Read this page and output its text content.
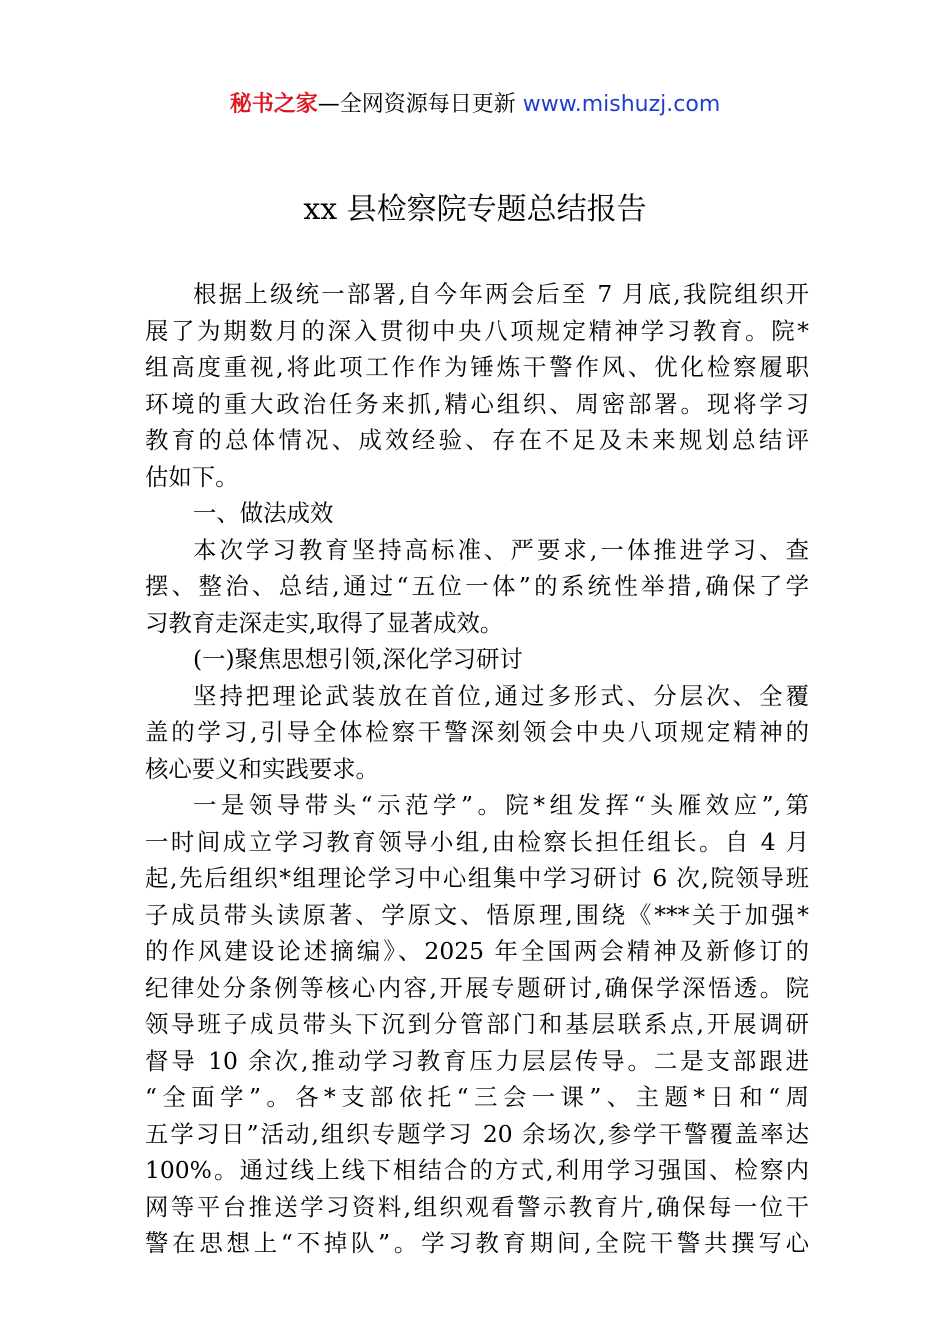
秘书之家—全网资源每日更新 www.mishuzj.com
xx 县检察院专题总结报告
根据上级统一部署,自今年两会后至 7 月底,我院组织开
展了为期数月的深入贯彻中央八项规定精神学习教育。院*
组高度重视,将此项工作作为锤炼干警作风、优化检察履职
环境的重大政治任务来抓,精心组织、周密部署。现将学习
教育的总体情况、成效经验、存在不足及未来规划总结评
估如下。
一、做法成效
本次学习教育坚持高标准、严要求,一体推进学习、查
摆、整治、总结,通过“五位一体”的系统性举措,确保了学
习教育走深走实,取得了显著成效。
(一)聚焦思想引领,深化学习研讨
坚持把理论武装放在首位,通过多形式、分层次、全覆
盖的学习,引导全体检察干警深刻领会中央八项规定精神的
核心要义和实践要求。
一是领导带头“示范学”。院*组发挥“头雁效应”,第
一时间成立学习教育领导小组,由检察长担任组长。自 4 月
起,先后组织*组理论学习中心组集中学习研讨 6 次,院领导班
子成员带头读原著、学原文、悟原理,围绕《***关于加强*
的作风建设论述摘编》、2025 年全国两会精神及新修订的
纪律处分条例等核心内容,开展专题研讨,确保学深悟透。院
领导班子成员带头下沉到分管部门和基层联系点,开展调研
督导 10 余次,推动学习教育压力层层传导。二是支部跟进
“全面学”。各*支部依托“三会一课”、主题*日和“周
五学习日”活动,组织专题学习 20 余场次,参学干警覆盖率达
100%。通过线上线下相结合的方式,利用学习强国、检察内
网等平台推送学习资料,组织观看警示教育片,确保每一位干
警在思想上“不掉队”。学习教育期间,全院干警共撰写心
